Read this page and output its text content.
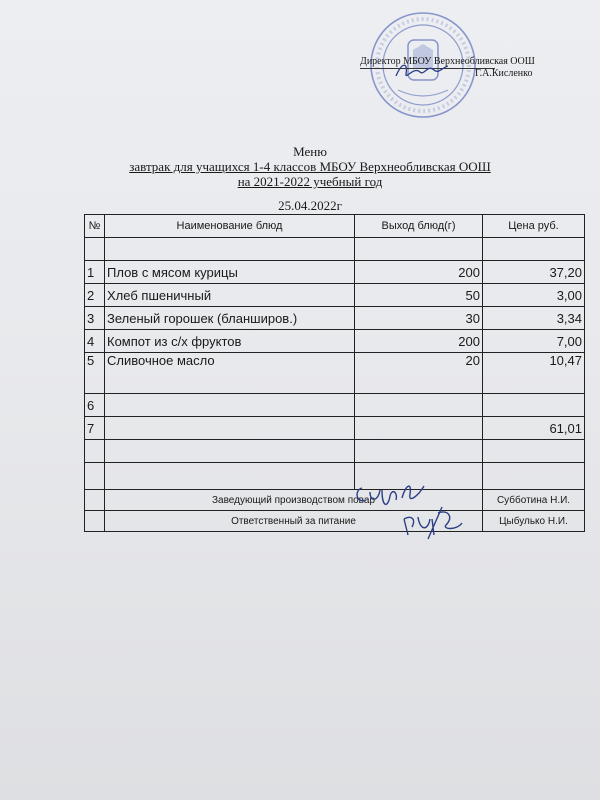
Директор МБОУ Верхнеобливская ООШ
Г.А.Кисленко
Меню
завтрак для учащихся 1-4 классов МБОУ Верхнеобливская ООШ
на 2021-2022 учебный год
25.04.2022г
№	Наименование блюд	Выход блюд(г)	Цена руб.

1	Плов с мясом курицы	200	37,20
2	Хлеб пшеничный	50	3,00
3	Зеленый горошек (бланширов.)	30	3,34
4	Компот из с/х фруктов	200	7,00
5	Сливочное масло	20	10,47
6			
7			61,01

	Заведующий производством повар		Субботина Н.И.
	Ответственный за питание		Цыбулько Н.И.
